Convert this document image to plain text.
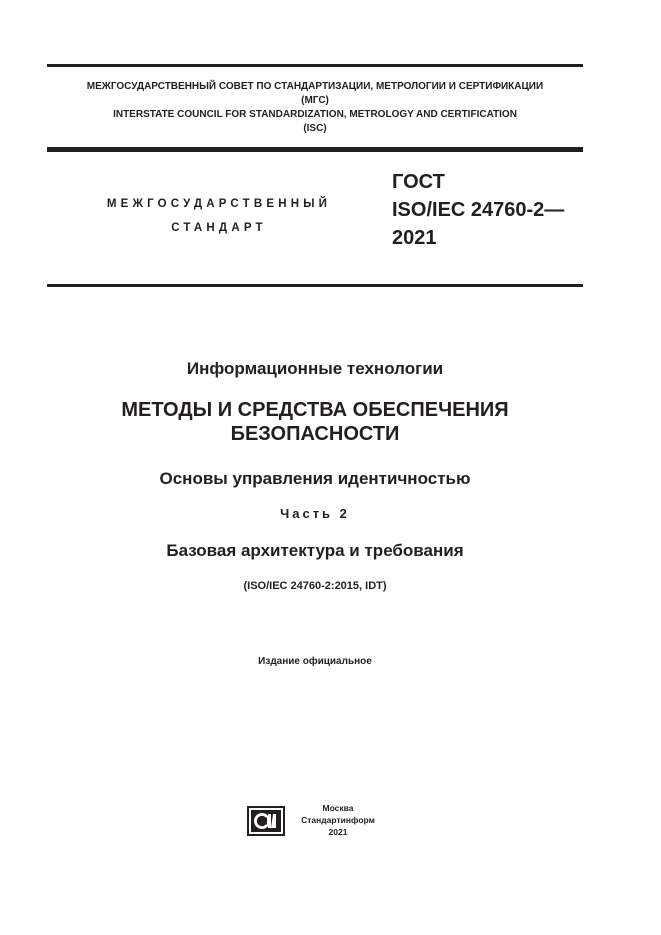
МЕЖГОСУДАРСТВЕННЫЙ СОВЕТ ПО СТАНДАРТИЗАЦИИ, МЕТРОЛОГИИ И СЕРТИФИКАЦИИ
(МГС)
INTERSTATE COUNCIL FOR STANDARDIZATION, METROLOGY AND CERTIFICATION
(ISC)
МЕЖГОСУДАРСТВЕННЫЙ
СТАНДАРТ
ГОСТ
ISO/IEC 24760-2—
2021
Информационные технологии
МЕТОДЫ И СРЕДСТВА ОБЕСПЕЧЕНИЯ
БЕЗОПАСНОСТИ
Основы управления идентичностью
Часть 2
Базовая архитектура и требования
(ISO/IEC 24760-2:2015, IDT)
Издание официальное
Москва
Стандартинформ
2021
